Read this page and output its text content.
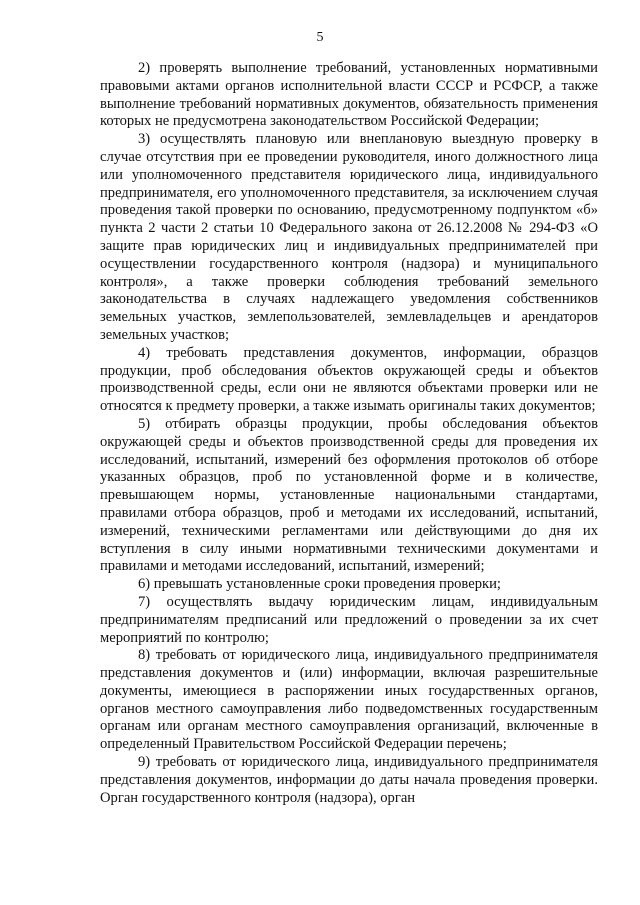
5

2) проверять выполнение требований, установленных нормативными правовыми актами органов исполнительной власти СССР и РСФСР, а также выполнение требований нормативных документов, обязательность применения которых не предусмотрена законодательством Российской Федерации;

3) осуществлять плановую или внеплановую выездную проверку в случае отсутствия при ее проведении руководителя, иного должностного лица или уполномоченного представителя юридического лица, индивидуального предпринимателя, его уполномоченного представителя, за исключением случая проведения такой проверки по основанию, предусмотренному подпунктом «б» пункта 2 части 2 статьи 10 Федерального закона от 26.12.2008 № 294-ФЗ «О защите прав юридических лиц и индивидуальных предпринимателей при осуществлении государственного контроля (надзора) и муниципального контроля», а также проверки соблюдения требований земельного законодательства в случаях надлежащего уведомления собственников земельных участков, землепользователей, землевладельцев и арендаторов земельных участков;

4) требовать представления документов, информации, образцов продукции, проб обследования объектов окружающей среды и объектов производственной среды, если они не являются объектами проверки или не относятся к предмету проверки, а также изымать оригиналы таких документов;

5) отбирать образцы продукции, пробы обследования объектов окружающей среды и объектов производственной среды для проведения их исследований, испытаний, измерений без оформления протоколов об отборе указанных образцов, проб по установленной форме и в количестве, превышающем нормы, установленные национальными стандартами, правилами отбора образцов, проб и методами их исследований, испытаний, измерений, техническими регламентами или действующими до дня их вступления в силу иными нормативными техническими документами и правилами и методами исследований, испытаний, измерений;

6) превышать установленные сроки проведения проверки;

7) осуществлять выдачу юридическим лицам, индивидуальным предпринимателям предписаний или предложений о проведении за их счет мероприятий по контролю;

8) требовать от юридического лица, индивидуального предпринимателя представления документов и (или) информации, включая разрешительные документы, имеющиеся в распоряжении иных государственных органов, органов местного самоуправления либо подведомственных государственным органам или органам местного самоуправления организаций, включенные в определенный Правительством Российской Федерации перечень;

9) требовать от юридического лица, индивидуального предпринимателя представления документов, информации до даты начала проведения проверки. Орган государственного контроля (надзора), орган
